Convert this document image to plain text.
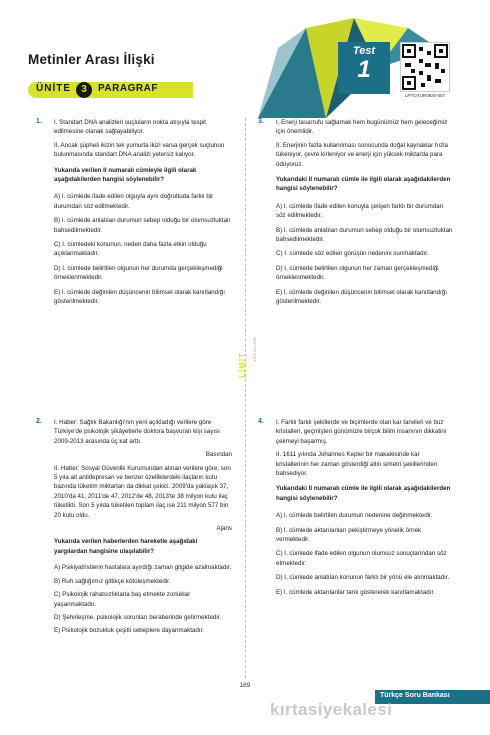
Metinler Arası İlişki
ÜNİTE	3	PARAGRAF
Test
1
LPYOTUR0820-067
LİMİT
YAYINLARI
1. I. Standart DNA analizleri suçluların nokta atışıyla tespit edilmesine olanak sağlayabiliyor.
II. Ancak şüpheli ikizin tek yumurta ikizi varsa gerçek suçlunun bulunmasında standart DNA analizi yetersiz kalıyor.
Yukarıda verilen II numaralı cümleyle ilgili olarak aşağıdakilerden hangisi söylenebilir?
A) I. cümlede ifade edilen olguyla aynı doğrultuda farklı bir durumdan söz edilmektedir.
B) I. cümlede anlatılan durumun sebep olduğu bir olumsuzluktan bahsedilmektedir.
C) I. cümledeki konunun, neden daha fazla etkin olduğu açıklanmaktadır.
D) I. cümlede belirtilen olgunun her durumda gerçekleşmediği örneklenmektedir.
E) I. cümlede değinilen düşüncenin bilimsel olarak kanıtlandığı gösterilmektedir.
3. I. Enerji tasarrufu sağlamak hem bugünümüz hem geleceğimiz için önemlidir.
II. Enerjinin fazla kullanılması sonucunda doğal kaynaklar hızla tükeniyor, çevre kirleniyor ve enerji için yüksek miktarda para ödüyoruz.
Yukarıdaki II numaralı cümle ile ilgili olarak aşağıdakilerden hangisi söylenebilir?
A) I. cümlede ifade edilen konuyla çelişen farklı bir durumdan söz edilmektedir.
B) I. cümlede anlatılan durumun sebep olduğu bir olumsuzluktan bahsedilmektedir.
C) I. cümlede söz edilen görüşün nedenini sunmaktadır.
D) I. cümlede belirtilen olgunun her zaman gerçekleşmediği örneklenmektedir.
E) I. cümlede değinilen düşüncenin bilimsel olarak kanıtlandığı gösterilmektedir.
2. I. Haber: Sağlık Bakanlığı'nın yeni açıkladığı verilere göre Türkiye'de psikolojik şikâyetlerle doktora başvuran kişi sayısı 2009-2013 arasında üç kat arttı.
Basından
II. Haber: Sosyal Güvenlik Kurumundan alınan verilere göre, son 5 yıla ait antidepresan ve benzer özelliklerdeki ilaçların kutu bazında tüketim miktarları da dikkat çekici. 2009'da yaklaşık 37, 2010'da 41, 2011'de 47, 2012'de 48, 2013'te 38 milyon kutu ilaç tüketildi. Son 5 yılda tüketilen toplam ilaç ise 211 milyon 577 bin 20 kutu oldu.
Ajans
Yukarıda verilen haberlerden hareketle aşağıdaki yargılardan hangisine ulaşılabilir?
A) Psikiyatristlerin hastalara ayırdığı zaman gitgide azalmaktadır.
B) Ruh sağlığımız gittikçe kötüleşmektedir.
C) Psikolojik rahatsızlıklarla baş etmekte zorluklar yaşanmaktadır.
D) Şehirleşme, psikolojik sorunları beraberinde getirmektedir.
E) Psikolojik bozukluk çeşitli sebeplere dayanmaktadır.
4. I. Farklı farklı şekillerde ve biçimlerde olan kar taneleri ve buz kristalleri, geçmişten günümüze birçok bilim insanının dikkatini çekmeyi başarmış.
II. 1611 yılında Johannes Kepler bir makalesinde kar kristallerinin her zaman gösterdiği altılı simetri şekillerinden bahsediyor.
Yukarıdaki II numaralı cümle ile ilgili olarak aşağıdakilerden hangisi söylenebilir?
A) I. cümlede belirtilen durumun nedenine değinmektedir.
B) I. cümlede aktarılanları pekiştirmeye yönelik örnek vermektedir.
C) I. cümlede ifade edilen olgunun olumsuz sonuçlarından söz etmektedir.
D) I. cümlede anlatılan konunun farklı bir yönü ele alınmaktadır.
E) I. cümlede aktarılanlar tarık göstererek kanıtlamaktadır.
169
Türkçe Soru Bankası
kırtasiyekalesi
